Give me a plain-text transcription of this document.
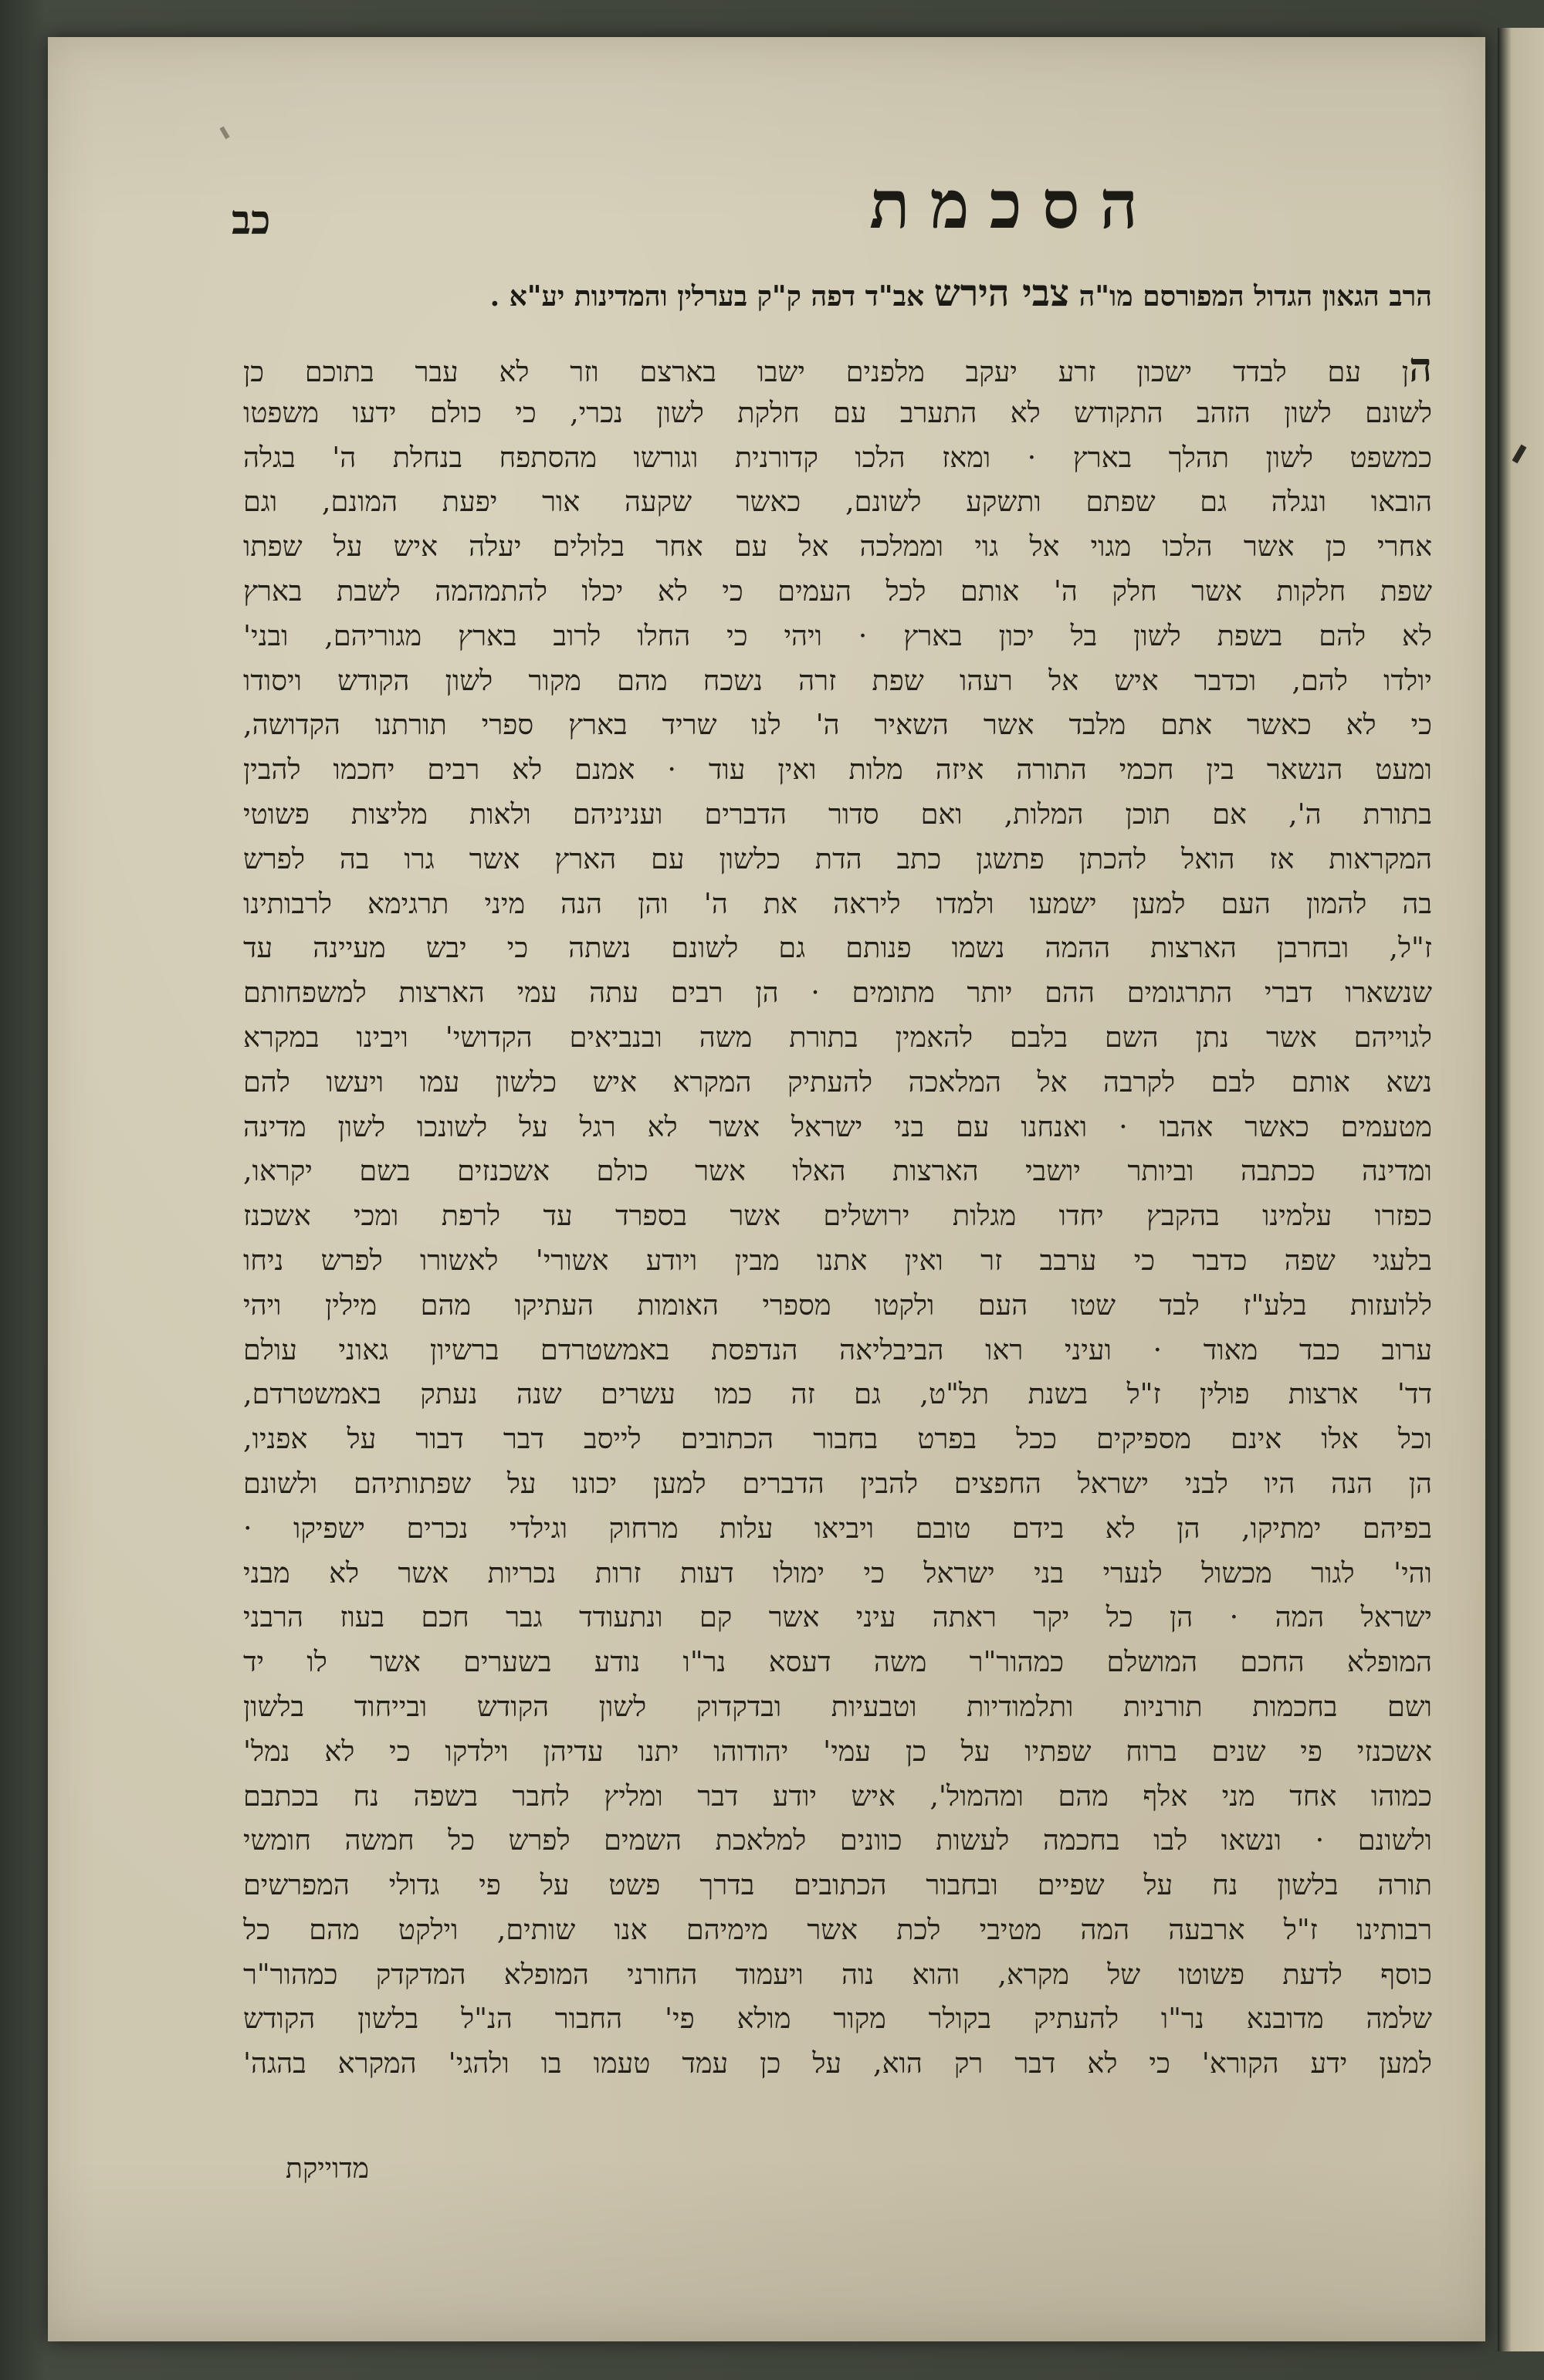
הסכמת
כב
הרב הגאון הגדול המפורסם מו"ה צבי הירש אב"ד דפה ק"ק בערלין והמדינות יע"א .
הן עם לבדד ישכון זרע יעקב מלפנים ישבו בארצם וזר לא עבר בתוכם כן
לשונם לשון הזהב התקודש לא התערב עם חלקת לשון נכרי, כי כולם ידעו משפטו
כמשפט לשון תהלך בארץ · ומאז הלכו קדורנית וגורשו מהסתפח בנחלת ה' בגלה
הובאו ונגלה גם שפתם ותשקע לשונם, כאשר שקעה אור יפעת המונם, וגם
אחרי כן אשר הלכו מגוי אל גוי וממלכה אל עם אחר בלולים יעלה איש על שפתו
שפת חלקות אשר חלק ה' אותם לכל העמים כי לא יכלו להתמהמה לשבת בארץ
לא להם בשפת לשון בל יכון בארץ · ויהי כי החלו לרוב בארץ מגוריהם, ובני'
יולדו להם, וכדבר איש אל רעהו שפת זרה נשכח מהם מקור לשון הקודש ויסודו
כי לא כאשר אתם מלבד אשר השאיר ה' לנו שריד בארץ ספרי תורתנו הקדושה,
ומעט הנשאר בין חכמי התורה איזה מלות ואין עוד · אמנם לא רבים יחכמו להבין
בתורת ה', אם תוכן המלות, ואם סדור הדברים ועניניהם ולאות מליצות פשוטי
המקראות אז הואל להכתן פתשגן כתב הדת כלשון עם הארץ אשר גרו בה לפרש
בה להמון העם למען ישמעו ולמדו ליראה את ה' והן הנה מיני תרגימא לרבותינו
ז"ל, ובחרבן הארצות ההמה נשמו פנותם גם לשונם נשתה כי יבש מעיינה עד
שנשארו דברי התרגומים ההם יותר מתומים · הן רבים עתה עמי הארצות למשפחותם
לגוייהם אשר נתן השם בלבם להאמין בתורת משה ובנביאים הקדושי' ויבינו במקרא
נשא אותם לבם לקרבה אל המלאכה להעתיק המקרא איש כלשון עמו ויעשו להם
מטעמים כאשר אהבו · ואנחנו עם בני ישראל אשר לא רגל על לשונכו לשון מדינה
ומדינה ככתבה וביותר יושבי הארצות האלו אשר כולם אשכנזים בשם יקראו,
כפזרו עלמינו בהקבץ יחדו מגלות ירושלים אשר בספרד עד לרפת ומכי אשכנז
בלעגי שפה כדבר כי ערבב זר ואין אתנו מבין ויודע אשורי' לאשורו לפרש ניחו
ללועזות בלע"ז לבד שטו העם ולקטו מספרי האומות העתיקו מהם מילין ויהי
ערוב כבד מאוד · ועיני ראו הביבליאה הנדפסת באמשטרדם ברשיון גאוני עולם
דד' ארצות פולין ז"ל בשנת תל"ט, גם זה כמו עשרים שנה נעתק באמשטרדם,
וכל אלו אינם מספיקים ככל בפרט בחבור הכתובים לייסב דבר דבור על אפניו,
הן הנה היו לבני ישראל החפצים להבין הדברים למען יכונו על שפתותיהם ולשונם
בפיהם ימתיקו, הן לא בידם טובם ויביאו עלות מרחוק וגילדי נכרים ישפיקו ·
והי' לגור מכשול לנערי בני ישראל כי ימולו דעות זרות נכריות אשר לא מבני
ישראל המה · הן כל יקר ראתה עיני אשר קם ונתעודד גבר חכם בעוז הרבני
המופלא החכם המושלם כמהור"ר משה דעסא נר"ו נודע בשערים אשר לו יד
ושם בחכמות תורניות ותלמודיות וטבעיות ובדקדוק לשון הקודש ובייחוד בלשון
אשכנזי פי שנים ברוח שפתיו על כן עמי' יהודוהו יתנו עדיהן וילדקו כי לא נמל'
כמוהו אחד מני אלף מהם ומהמול', איש יודע דבר ומליץ לחבר בשפה נח בכתבם
ולשונם · ונשאו לבו בחכמה לעשות כוונים למלאכת השמים לפרש כל חמשה חומשי
תורה בלשון נח על שפיים ובחבור הכתובים בדרך פשט על פי גדולי המפרשים
רבותינו ז"ל ארבעה המה מטיבי לכת אשר מימיהם אנו שותים, וילקט מהם כל
כוסף לדעת פשוטו של מקרא, והוא נוה ויעמוד החורני המופלא המדקדק כמהור"ר
שלמה מדובנא נר"ו להעתיק בקולר מקור מולא פי' החבור הנ"ל בלשון הקודש
למען ידע הקורא' כי לא דבר רק הוא, על כן עמד טעמו בו ולהגי' המקרא בהגה'
מדוייקת
